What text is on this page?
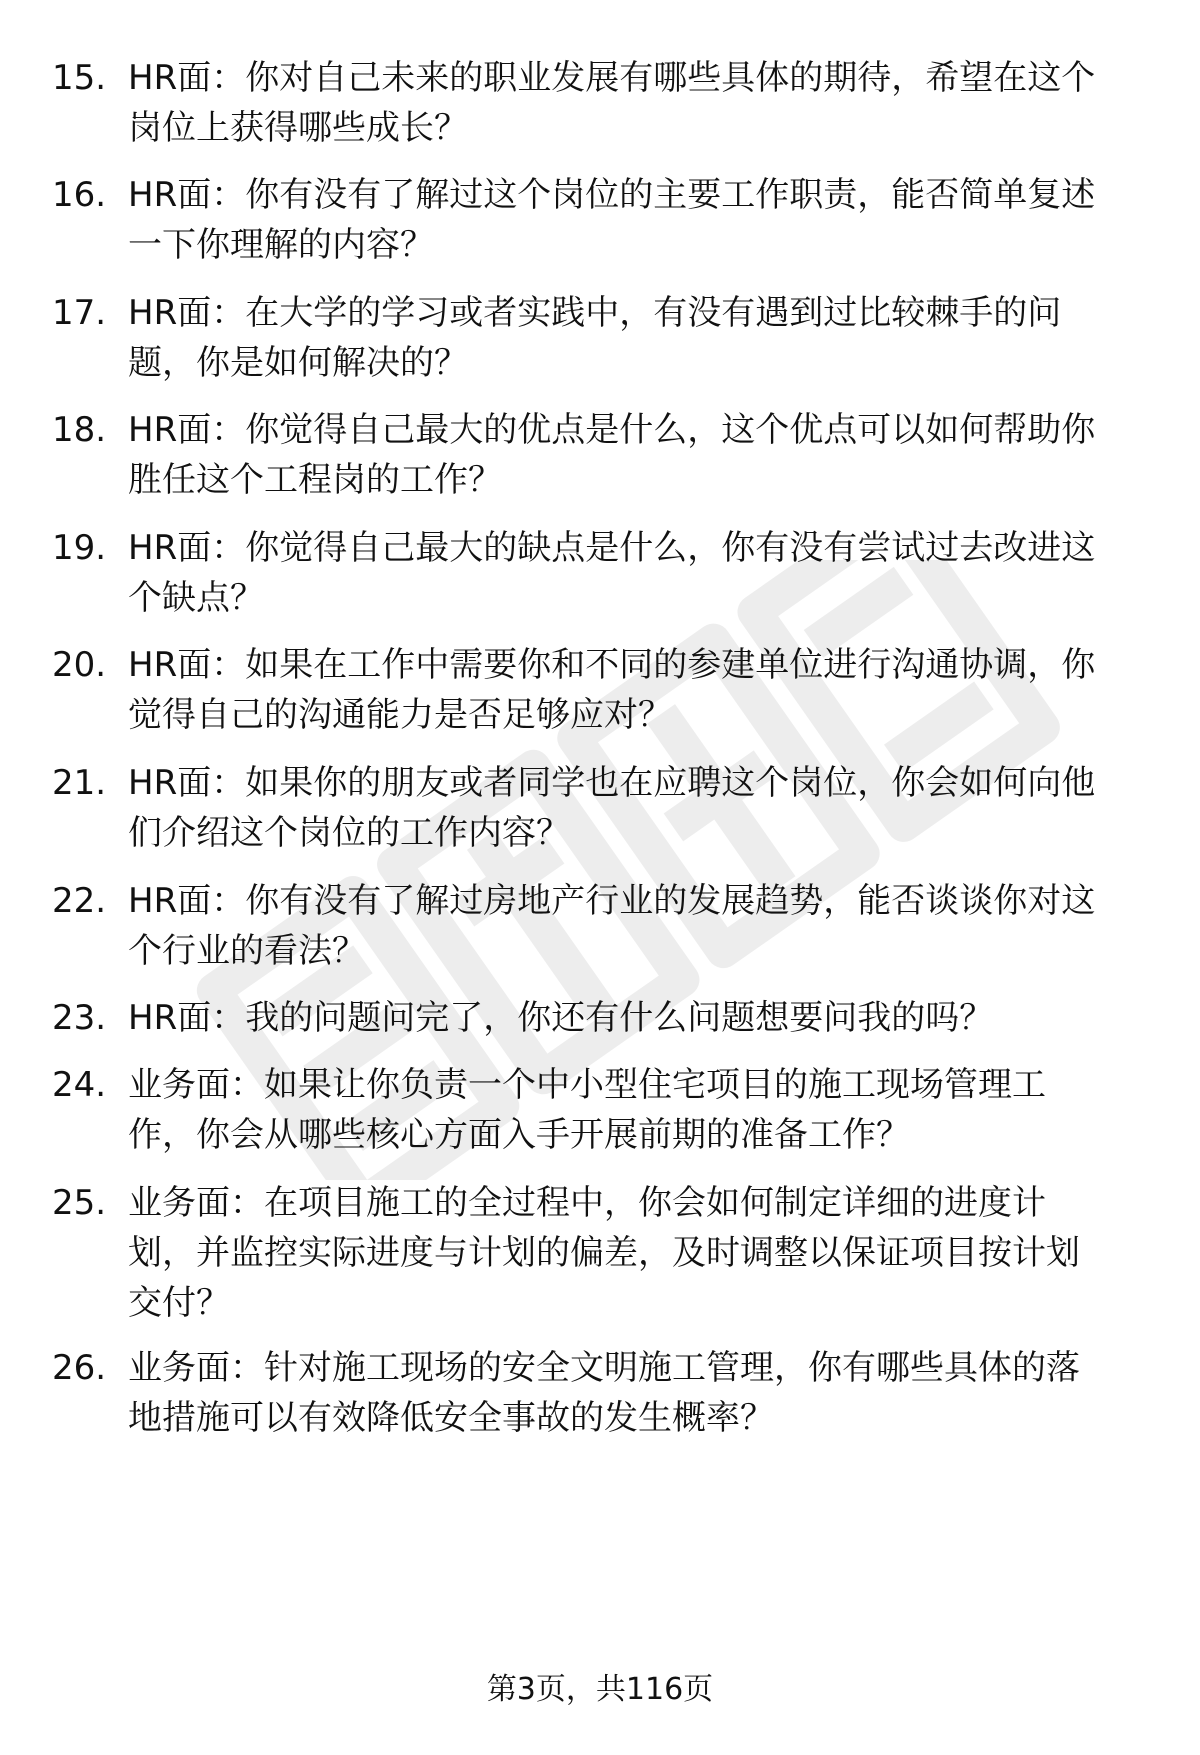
15. HR面：你对自己未来的职业发展有哪些具体的期待，希望在这个
岗位上获得哪些成长？
16. HR面：你有没有了解过这个岗位的主要工作职责，能否简单复述
一下你理解的内容？
17. HR面：在大学的学习或者实践中，有没有遇到过比较棘手的问
题，你是如何解决的？
18. HR面：你觉得自己最大的优点是什么，这个优点可以如何帮助你
胜任这个工程岗的工作？
19. HR面：你觉得自己最大的缺点是什么，你有没有尝试过去改进这
个缺点？
20. HR面：如果在工作中需要你和不同的参建单位进行沟通协调，你
觉得自己的沟通能力是否足够应对？
21. HR面：如果你的朋友或者同学也在应聘这个岗位，你会如何向他
们介绍这个岗位的工作内容？
22. HR面：你有没有了解过房地产行业的发展趋势，能否谈谈你对这
个行业的看法？
23. HR面：我的问题问完了，你还有什么问题想要问我的吗？
24. 业务面：如果让你负责一个中小型住宅项目的施工现场管理工
作，你会从哪些核心方面入手开展前期的准备工作？
25. 业务面：在项目施工的全过程中，你会如何制定详细的进度计
划，并监控实际进度与计划的偏差，及时调整以保证项目按计划
交付？
26. 业务面：针对施工现场的安全文明施工管理，你有哪些具体的落
地措施可以有效降低安全事故的发生概率？
第3页，共116页
